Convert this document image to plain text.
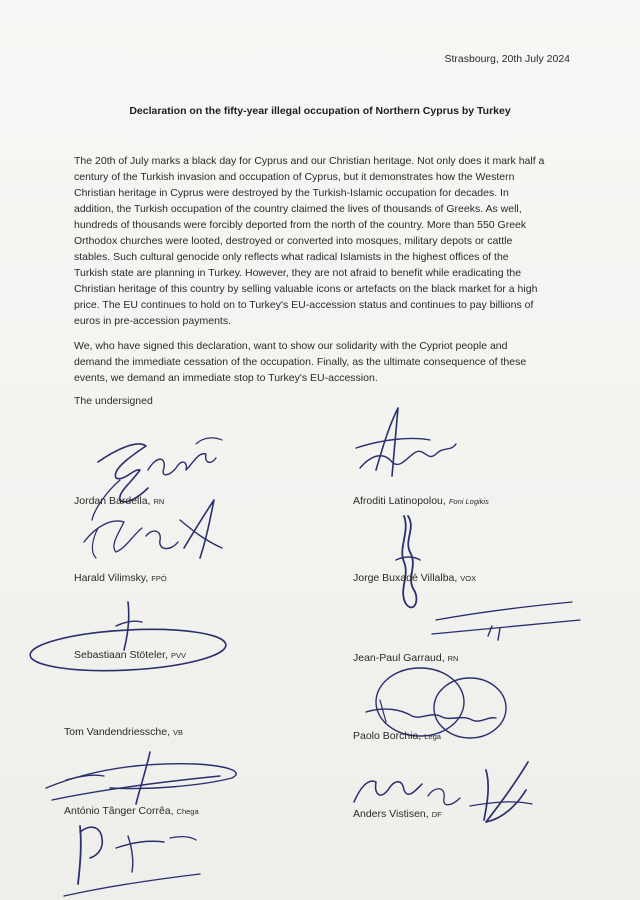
Strasbourg, 20th July 2024
Declaration on the fifty-year illegal occupation of Northern Cyprus by Turkey
The 20th of July marks a black day for Cyprus and our Christian heritage. Not only does it mark half a
century of the Turkish invasion and occupation of Cyprus, but it demonstrates how the Western
Christian heritage in Cyprus were destroyed by the Turkish-Islamic occupation for decades. In
addition, the Turkish occupation of the country claimed the lives of thousands of Greeks. As well,
hundreds of thousands were forcibly deported from the north of the country. More than 550 Greek
Orthodox churches were looted, destroyed or converted into mosques, military depots or cattle
stables. Such cultural genocide only reflects what radical Islamists in the highest offices of the
Turkish state are planning in Turkey. However, they are not afraid to benefit while eradicating the
Christian heritage of this country by selling valuable icons or artefacts on the black market for a high
price. The EU continues to hold on to Turkey's EU-accession status and continues to pay billions of
euros in pre-accession payments.
We, who have signed this declaration, want to show our solidarity with the Cypriot people and
demand the immediate cessation of the occupation. Finally, as the ultimate consequence of these
events, we demand an immediate stop to Turkey's EU-accession.
The undersigned
Jordan Bardella, RN	Afroditi Latinopolou, Foni Logikis
Harald Vilimsky, FPÖ	Jorge Buxadé Villalba, VOX
Sebastiaan Stöteler, PVV	Jean-Paul Garraud, RN
Tom Vandendriessche, VB	Paolo Borchia, Lega
António Tânger Corrêa, Chega	Anders Vistisen, DF
